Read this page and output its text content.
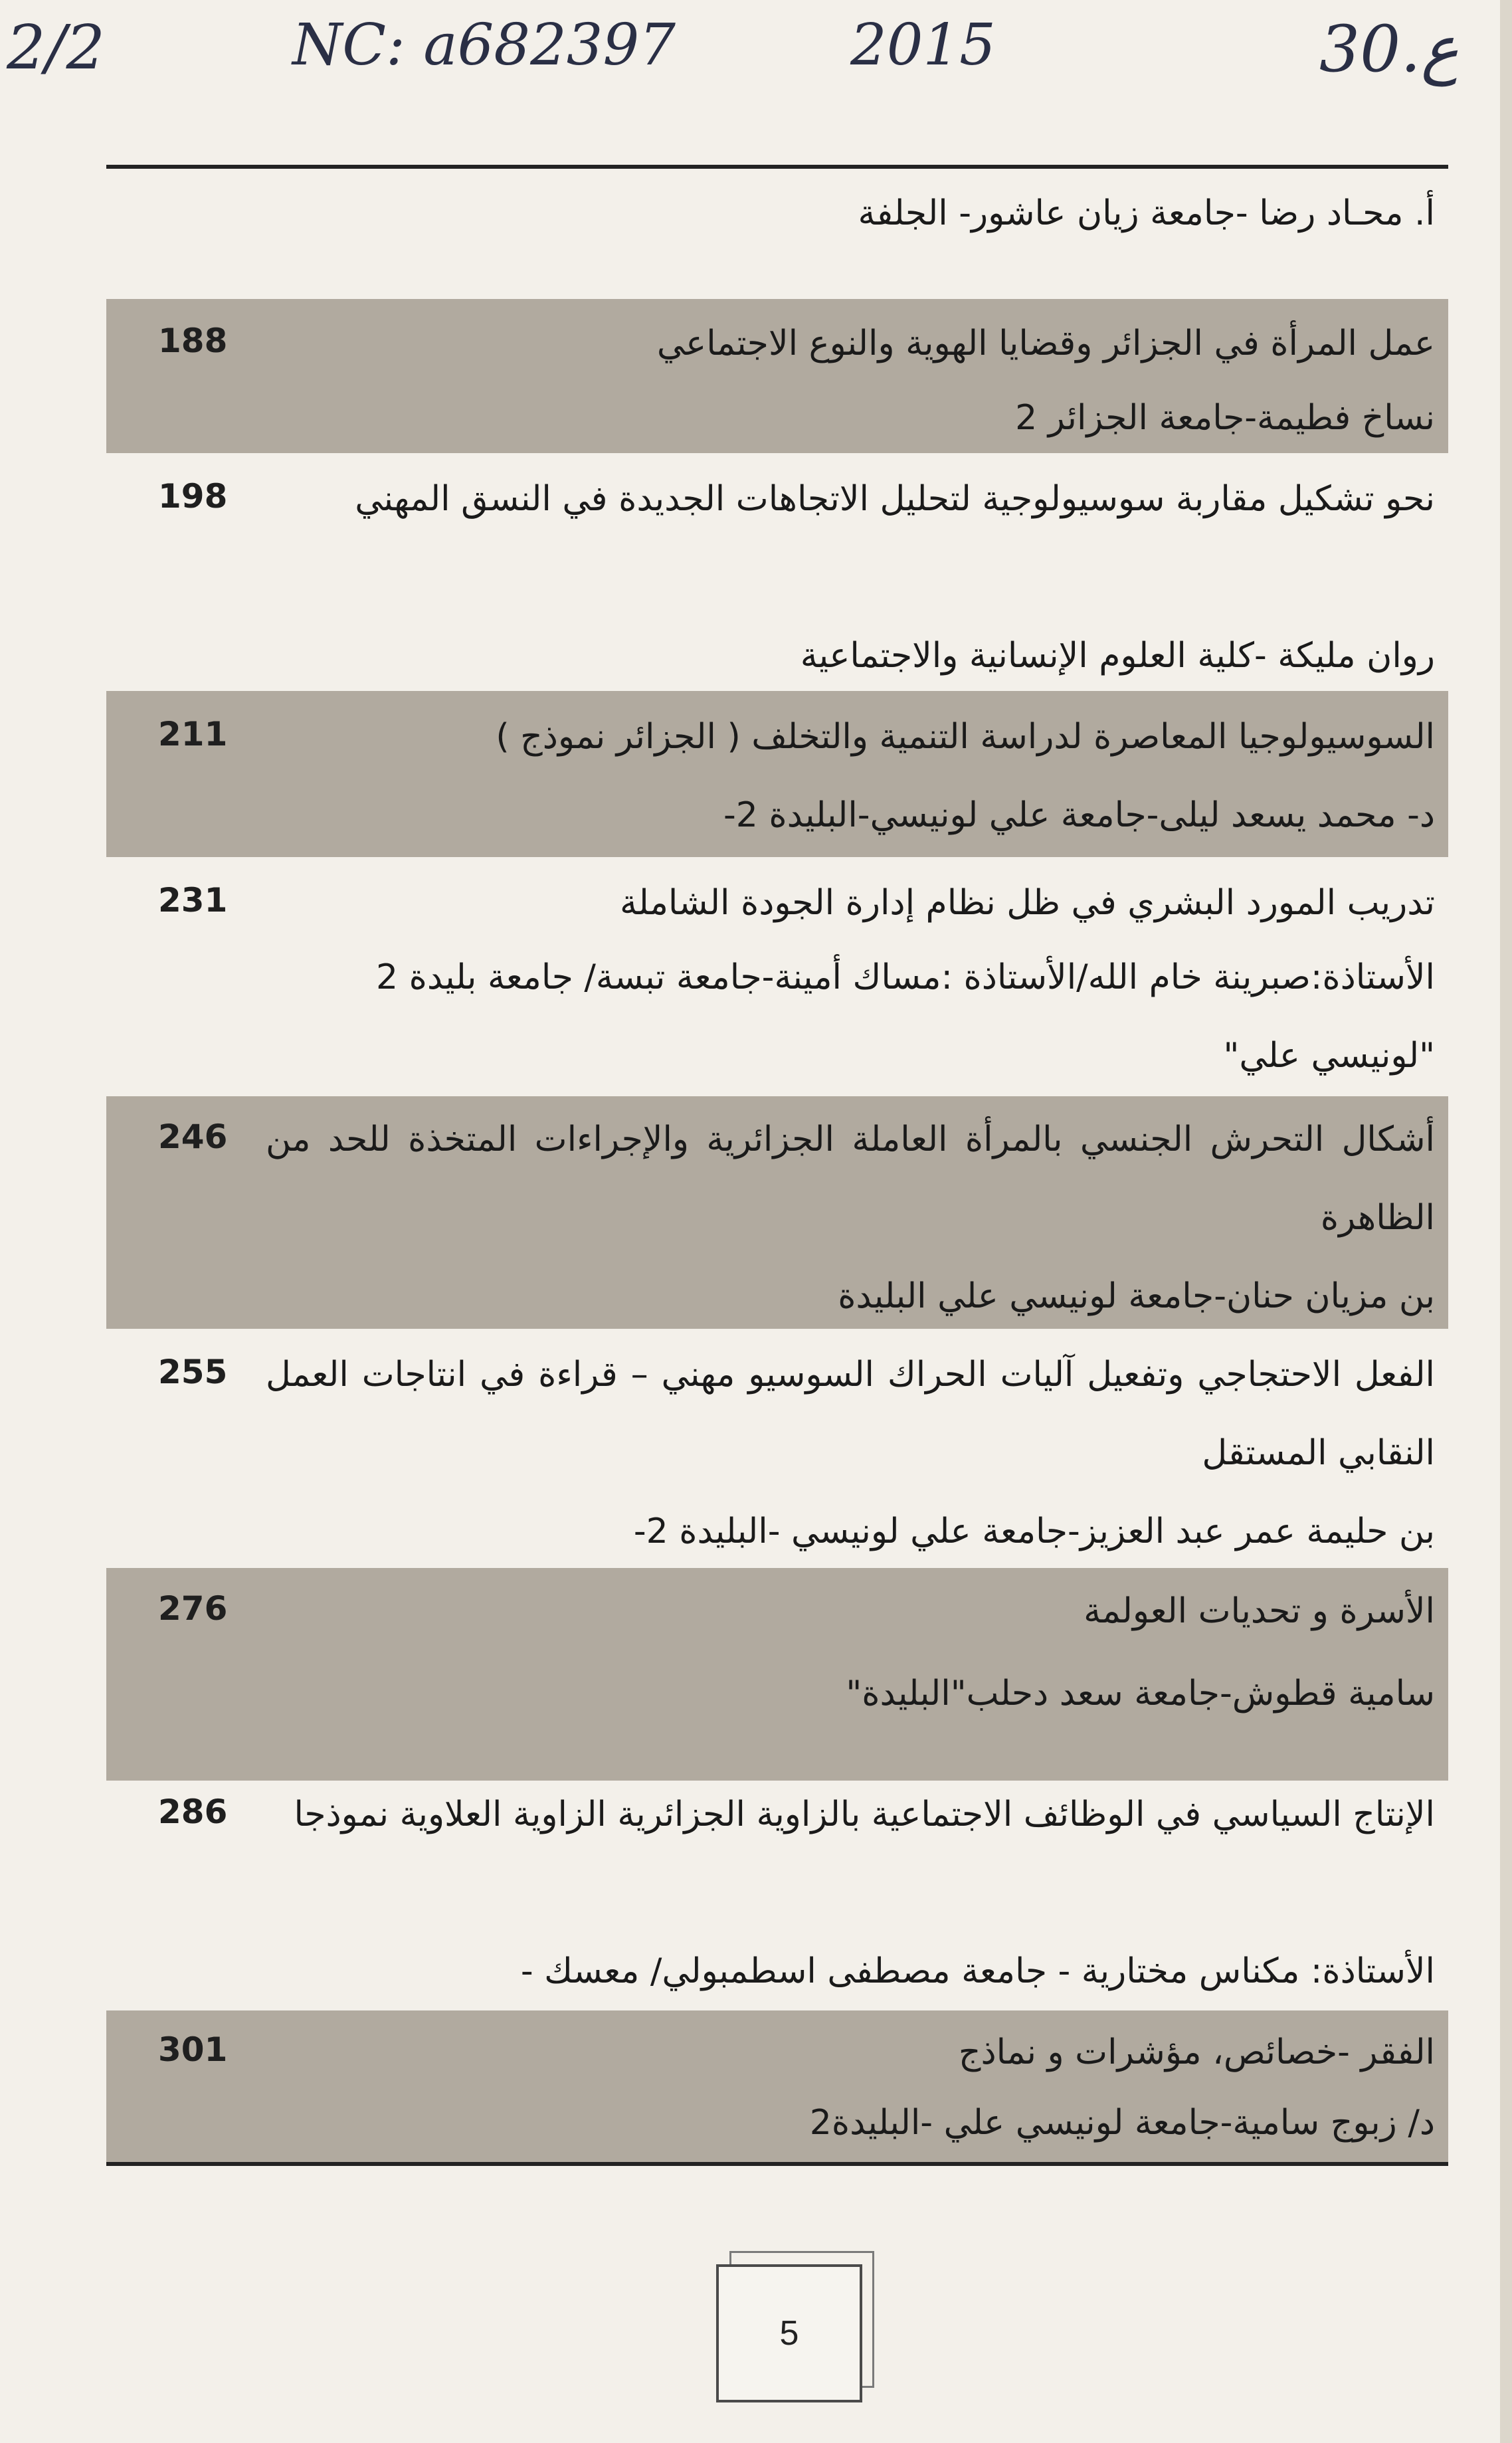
2/2	NC: a682397	2015	30.ع
أ. محـاد رضا -جامعة زيان عاشور- الجلفة
188	عمل المرأة في الجزائر وقضايا الهوية والنوع الاجتماعي
نساخ فطيمة-جامعة الجزائر 2
198	نحو تشكيل مقاربة سوسيولوجية لتحليل الاتجاهات الجديدة في النسق المهني
روان مليكة -كلية العلوم الإنسانية والاجتماعية
211	السوسيولوجيا المعاصرة لدراسة التنمية والتخلف ( الجزائر نموذج )
د- محمد يسعد ليلى-جامعة علي لونيسي-البليدة 2-
231	تدريب المورد البشري في ظل نظام إدارة الجودة الشاملة
الأستاذة:صبرينة خام الله/الأستاذة :مساك أمينة-جامعة تبسة/ جامعة بليدة 2 "لونيسي علي"
246 أشكال التحرش الجنسي بالمرأة العاملة الجزائرية والإجراءات المتخذة للحد من الظاهرة
بن مزيان حنان-جامعة لونيسي علي البليدة
255 الفعل الاحتجاجي وتفعيل آليات الحراك السوسيو مهني – قراءة في انتاجات العمل النقابي المستقل
بن حليمة عمر عبد العزيز-جامعة علي لونيسي -البليدة 2-
276	الأسرة و تحديات العولمة
سامية قطوش-جامعة سعد دحلب"البليدة"
286	الإنتاج السياسي في الوظائف الاجتماعية بالزاوية الجزائرية الزاوية العلاوية نموذجا
الأستاذة: مكناس مختارية - جامعة مصطفى اسطمبولي/ معسك -
301	الفقر -خصائص، مؤشرات و نماذج
د/ زبوج سامية-جامعة لونيسي علي -البليدة2
5
